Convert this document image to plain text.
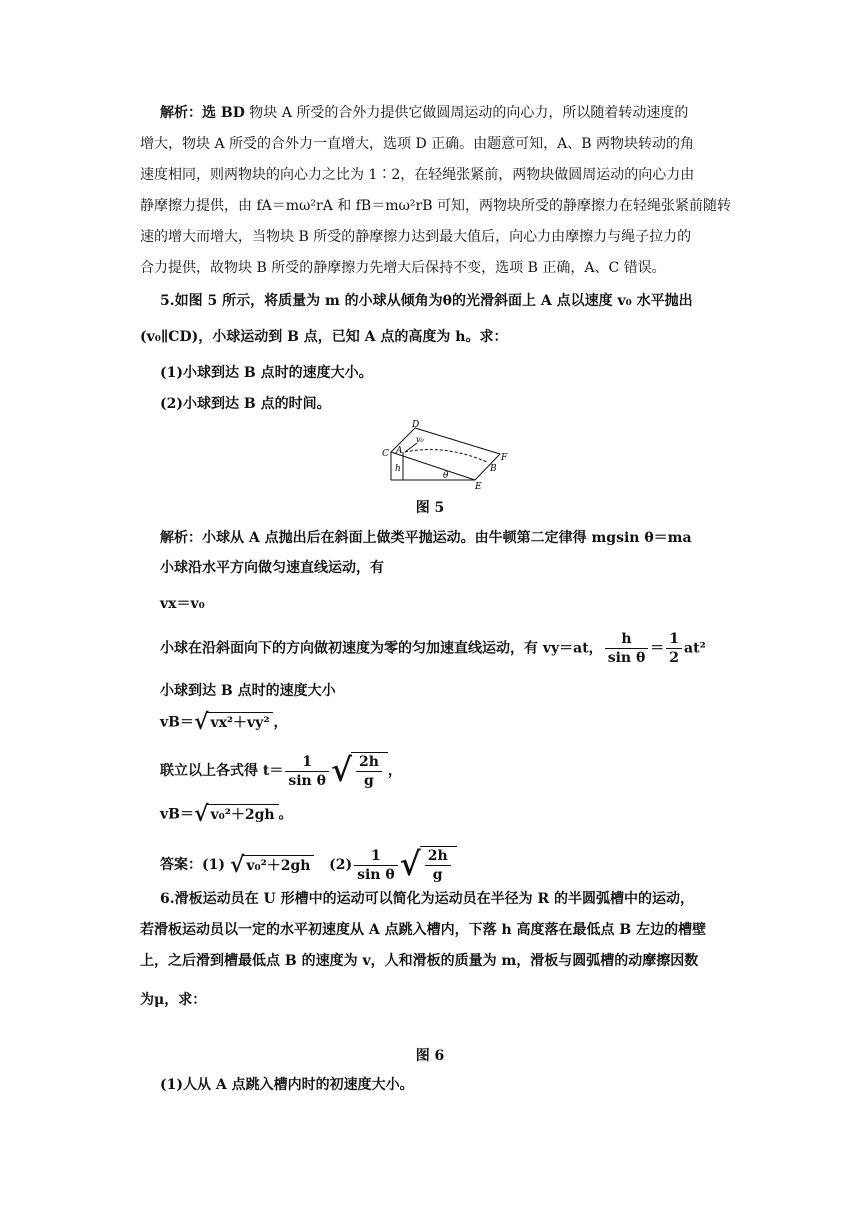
解析：选 BD 物块 A 所受的合外力提供它做圆周运动的向心力，所以随着转动速度的
增大，物块 A 所受的合外力一直增大，选项 D 正确。由题意可知，A、B 两物块转动的角
速度相同，则两物块的向心力之比为 1∶2，在轻绳张紧前，两物块做圆周运动的向心力由
静摩擦力提供，由 fA＝mω²rA 和 fB＝mω²rB 可知，两物块所受的静摩擦力在轻绳张紧前随转
速的增大而增大，当物块 B 所受的静摩擦力达到最大值后，向心力由摩擦力与绳子拉力的
合力提供，故物块 B 所受的静摩擦力先增大后保持不变，选项 B 正确，A、C 错误。
5.如图 5 所示，将质量为 m 的小球从倾角为θ的光滑斜面上 A 点以速度 v₀ 水平抛出
(v₀∥CD)，小球运动到 B 点，已知 A 点的高度为 h。求：
(1)小球到达 B 点时的速度大小。
(2)小球到达 B 点的时间。
D
C A
v₀
h
F
B
θ
E
图 5
解析：小球从 A 点抛出后在斜面上做类平抛运动。由牛顿第二定律得 mgsin θ＝ma
小球沿水平方向做匀速直线运动，有
vx＝v₀
小球在沿斜面向下的方向做初速度为零的匀加速直线运动，有 vy＝at， $\frac{h}{\text{sin θ}} = \frac{1}{2} at^2$
小球到达 B 点时的速度大小
vB＝√ vx²＋vy² ，
联立以上各式得 $t= \frac{1}{\text{sin θ}}$ √ $\frac{2h}{g}$ ，
vB＝√ v₀²＋2gh 。
答案：(1) √ v₀²＋2gh $(2) \frac{1}{\text{sin θ}}$ √ $\frac{2h}{g}$
6.滑板运动员在 U 形槽中的运动可以简化为运动员在半径为 R 的半圆弧槽中的运动，
若滑板运动员以一定的水平初速度从 A 点跳入槽内，下落 h 高度落在最低点 B 左边的槽壁
上，之后滑到槽最低点 B 的速度为 v，人和滑板的质量为 m，滑板与圆弧槽的动摩擦因数
为μ，求：
图 6
(1)人从 A 点跳入槽内时的初速度大小。
